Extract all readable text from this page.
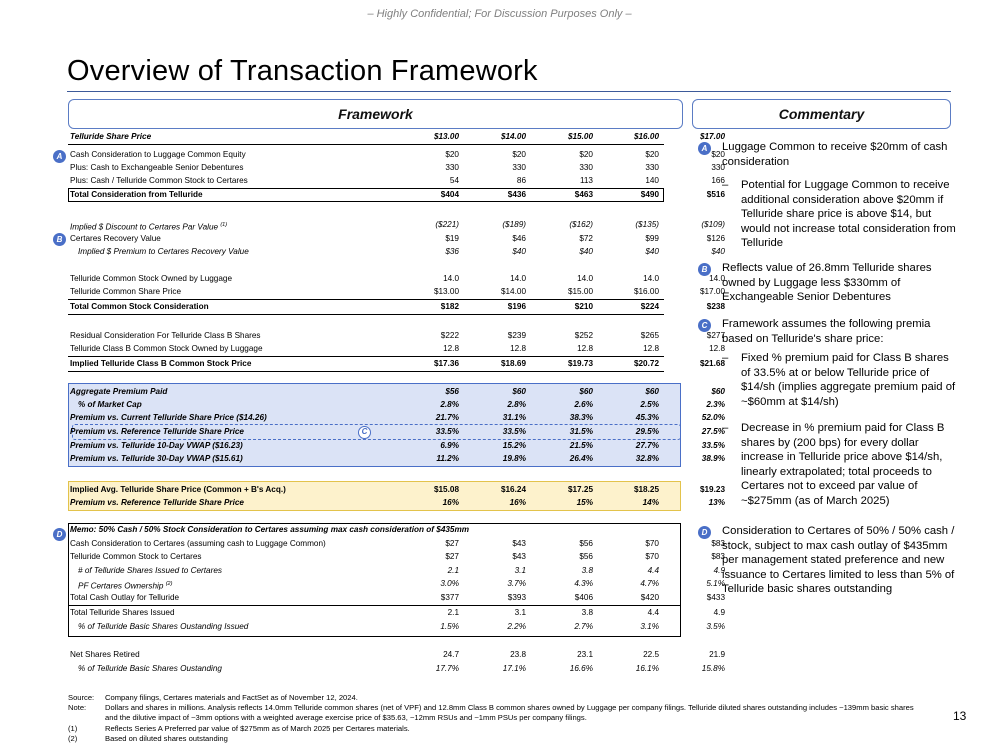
– Highly Confidential; For Discussion Purposes Only –
Overview of Transaction Framework
Framework	Commentary
Telluride Share Price	$13.00	$14.00	$15.00	$16.00	$17.00
Cash Consideration to Luggage Common Equity	$20	$20	$20	$20	$20
Plus: Cash to Exchangeable Senior Debentures	330	330	330	330	330
Plus: Cash / Telluride Common Stock to Certares	54	86	113	140	166
Total Consideration from Telluride	$404	$436	$463	$490	$516
Implied $ Discount to Certares Par Value $^{(1)}$	($221)	($189)	($162)	($135)	($109)
Certares Recovery Value	$19	$46	$72	$99	$126
Implied $ Premium to Certares Recovery Value	$36	$40	$40	$40	$40
Telluride Common Stock Owned by Luggage	14.0	14.0	14.0	14.0	14.0
Telluride Common Share Price	$13.00	$14.00	$15.00	$16.00	$17.00
Total Common Stock Consideration	$182	$196	$210	$224	$238
Residual Consideration For Telluride Class B Shares	$222	$239	$252	$265	$277
Telluride Class B Common Stock Owned by Luggage	12.8	12.8	12.8	12.8	12.8
Implied Telluride Class B Common Stock Price	$17.36	$18.69	$19.73	$20.72	$21.68
Aggregate Premium Paid	$56	$60	$60	$60	$60
% of Market Cap	2.8%	2.8%	2.6%	2.5%	2.3%
Premium vs. Current Telluride Share Price ($14.26)	21.7%	31.1%	38.3%	45.3%	52.0%
Premium vs. Reference Telluride Share Price	33.5%	33.5%	31.5%	29.5%	27.5%
Premium vs. Telluride 10-Day VWAP ($16.23)	6.9%	15.2%	21.5%	27.7%	33.5%
Premium vs. Telluride 30-Day VWAP ($15.61)	11.2%	19.8%	26.4%	32.8%	38.9%
Implied Avg. Telluride Share Price (Common + B's Acq.)	$15.08	$16.24	$17.25	$18.25	$19.23
Premium vs. Reference Telluride Share Price	16%	16%	15%	14%	13%
Memo: 50% Cash / 50% Stock Consideration to Certares assuming max cash consideration of $435mm
Cash Consideration to Certares (assuming cash to Luggage Common)	$27	$43	$56	$70	$83
Telluride Common Stock to Certares	$27	$43	$56	$70	$83
# of Telluride Shares Issued to Certares	2.1	3.1	3.8	4.4	4.9
PF Certares Ownership $^{(2)}$	3.0%	3.7%	4.3%	4.7%	5.1%
Total Cash Outlay for Telluride	$377	$393	$406	$420	$433
Total Telluride Shares Issued	2.1	3.1	3.8	4.4	4.9
% of Telluride Basic Shares Oustanding Issued	1.5%	2.2%	2.7%	3.1%	3.5%
Net Shares Retired	24.7	23.8	23.1	22.5	21.9
% of Telluride Basic Shares Oustanding	17.7%	17.1%	16.6%	16.1%	15.8%
A
B
C
D
A	Luggage Common to receive $20mm of cash consideration
– Potential for Luggage Common to receive additional consideration above $20mm if Telluride share price is above $14, but would not increase total consideration from Telluride
B	Reflects value of 26.8mm Telluride shares owned by Luggage less $330mm of Exchangeable Senior Debentures
C	Framework assumes the following premia based on Telluride's share price:
– Fixed % premium paid for Class B shares of 33.5% at or below Telluride price of $14/sh (implies aggregate premium paid of ~$60mm at $14/sh)
– Decrease in % premium paid for Class B shares by (200 bps) for every dollar increase in Telluride price above $14/sh, linearly extrapolated; total proceeds to Certares not to exceed par value of ~$275mm (as of March 2025)
D	Consideration to Certares of 50% / 50% cash / stock, subject to max cash outlay of $435mm per management stated preference and new issuance to Certares limited to less than 5% of Telluride basic shares outstanding
Source: Company filings, Certares materials and FactSet as of November 12, 2024.
Note: Dollars and shares in millions. Analysis reflects 14.0mm Telluride common shares (net of VPF) and 12.8mm Class B common shares owned by Luggage per company filings. Telluride diluted shares outstanding includes ~139mm basic shares and the dilutive impact of ~3mm options with a weighted average exercise price of $35.63, ~12mm RSUs and ~1mm PSUs per company filings.
(1)	Reflects Series A Preferred par value of $275mm as of March 2025 per Certares materials.
(2)	Based on diluted shares outstanding
13
